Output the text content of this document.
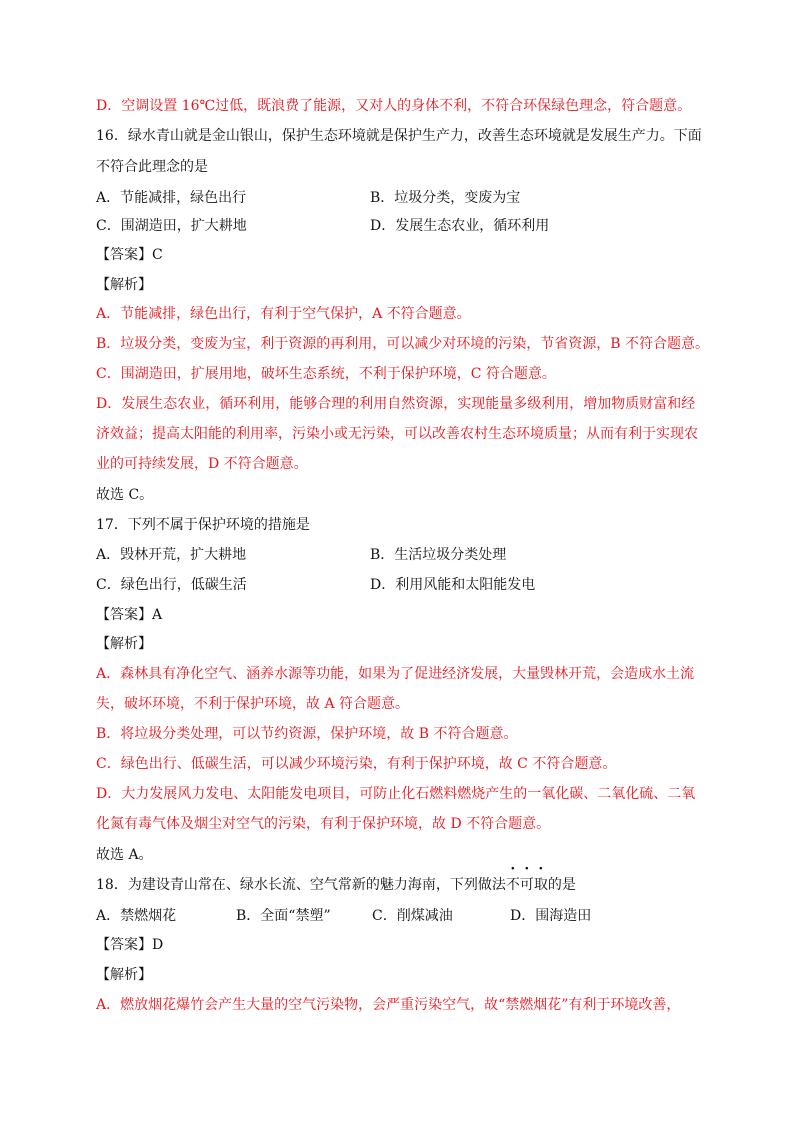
D．空调设置 16℃过低，既浪费了能源，又对人的身体不利，不符合环保绿色理念，符合题意。
16．绿水青山就是金山银山，保护生态环境就是保护生产力，改善生态环境就是发展生产力。下面
不符合此理念的是
A．节能减排，绿色出行	B．垃圾分类，变废为宝
C．围湖造田，扩大耕地	D．发展生态农业，循环利用
【答案】C
【解析】
A．节能减排，绿色出行，有利于空气保护，A 不符合题意。
B．垃圾分类，变废为宝，利于资源的再利用，可以减少对环境的污染，节省资源，B 不符合题意。
C．围湖造田，扩展用地，破坏生态系统，不利于保护环境，C 符合题意。
D．发展生态农业，循环利用，能够合理的利用自然资源，实现能量多级利用，增加物质财富和经
济效益；提高太阳能的利用率，污染小或无污染，可以改善农村生态环境质量；从而有利于实现农
业的可持续发展，D 不符合题意。
故选 C。
17．下列不属于保护环境的措施是
A．毁林开荒，扩大耕地	B．生活垃圾分类处理
C．绿色出行，低碳生活	D．利用风能和太阳能发电
【答案】A
【解析】
A．森林具有净化空气、涵养水源等功能，如果为了促进经济发展，大量毁林开荒，会造成水土流
失，破坏环境，不利于保护环境，故 A 符合题意。
B．将垃圾分类处理，可以节约资源，保护环境，故 B 不符合题意。
C．绿色出行、低碳生活，可以减少环境污染，有利于保护环境，故 C 不符合题意。
D．大力发展风力发电、太阳能发电项目，可防止化石燃料燃烧产生的一氧化碳、二氧化硫、二氧
化氮有毒气体及烟尘对空气的污染，有利于保护环境，故 D 不符合题意。
故选 A。
18．为建设青山常在、绿水长流、空气常新的魅力海南，下列做法不可取的是
A．禁燃烟花	B．全面“禁塑”	C．削煤减油	D．围海造田
【答案】D
【解析】
A．燃放烟花爆竹会产生大量的空气污染物，会严重污染空气，故“禁燃烟花”有利于环境改善，
